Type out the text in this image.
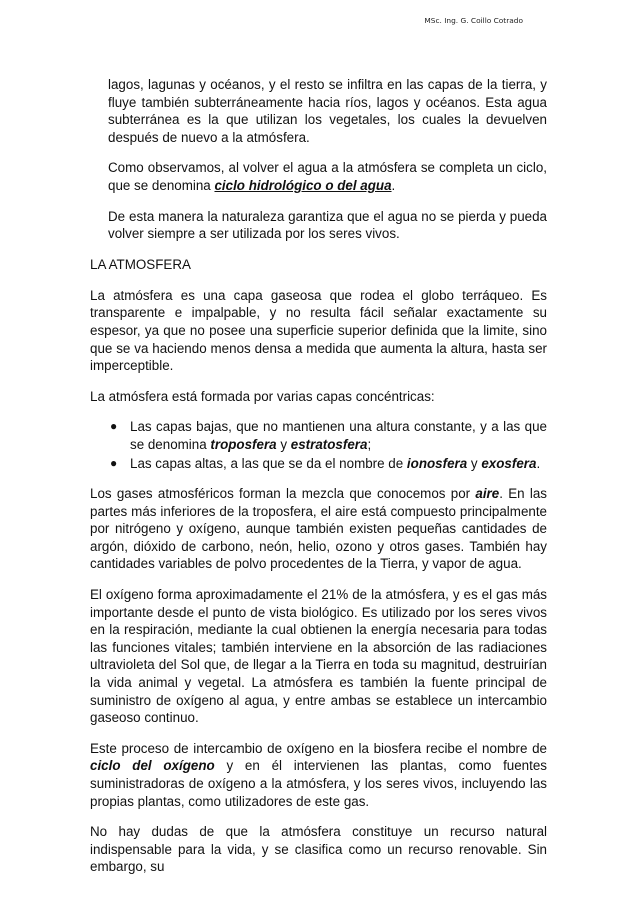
MSc. Ing. G. Coillo Cotrado

lagos, lagunas y océanos, y el resto se infiltra en las capas de la tierra, y fluye también subterráneamente hacia ríos, lagos y océanos. Esta agua subterránea es la que utilizan los vegetales, los cuales la devuelven después de nuevo a la atmósfera.

Como observamos, al volver el agua a la atmósfera se completa un ciclo, que se denomina ciclo hidrológico o del agua.

De esta manera la naturaleza garantiza que el agua no se pierda y pueda volver siempre a ser utilizada por los seres vivos.

LA ATMOSFERA

La atmósfera es una capa gaseosa que rodea el globo terráqueo. Es transparente e impalpable, y no resulta fácil señalar exactamente su espesor, ya que no posee una superficie superior definida que la limite, sino que se va haciendo menos densa a medida que aumenta la altura, hasta ser imperceptible.

La atmósfera está formada por varias capas concéntricas:

● Las capas bajas, que no mantienen una altura constante, y a las que se denomina troposfera y estratosfera;
● Las capas altas, a las que se da el nombre de ionosfera y exosfera.

Los gases atmosféricos forman la mezcla que conocemos por aire. En las partes más inferiores de la troposfera, el aire está compuesto principalmente por nitrógeno y oxígeno, aunque también existen pequeñas cantidades de argón, dióxido de carbono, neón, helio, ozono y otros gases. También hay cantidades variables de polvo procedentes de la Tierra, y vapor de agua.

El oxígeno forma aproximadamente el 21% de la atmósfera, y es el gas más importante desde el punto de vista biológico. Es utilizado por los seres vivos en la respiración, mediante la cual obtienen la energía necesaria para todas las funciones vitales; también interviene en la absorción de las radiaciones ultravioleta del Sol que, de llegar a la Tierra en toda su magnitud, destruirían la vida animal y vegetal. La atmósfera es también la fuente principal de suministro de oxígeno al agua, y entre ambas se establece un intercambio gaseoso continuo.

Este proceso de intercambio de oxígeno en la biosfera recibe el nombre de ciclo del oxígeno y en él intervienen las plantas, como fuentes suministradoras de oxígeno a la atmósfera, y los seres vivos, incluyendo las propias plantas, como utilizadores de este gas.

No hay dudas de que la atmósfera constituye un recurso natural indispensable para la vida, y se clasifica como un recurso renovable. Sin embargo, su
